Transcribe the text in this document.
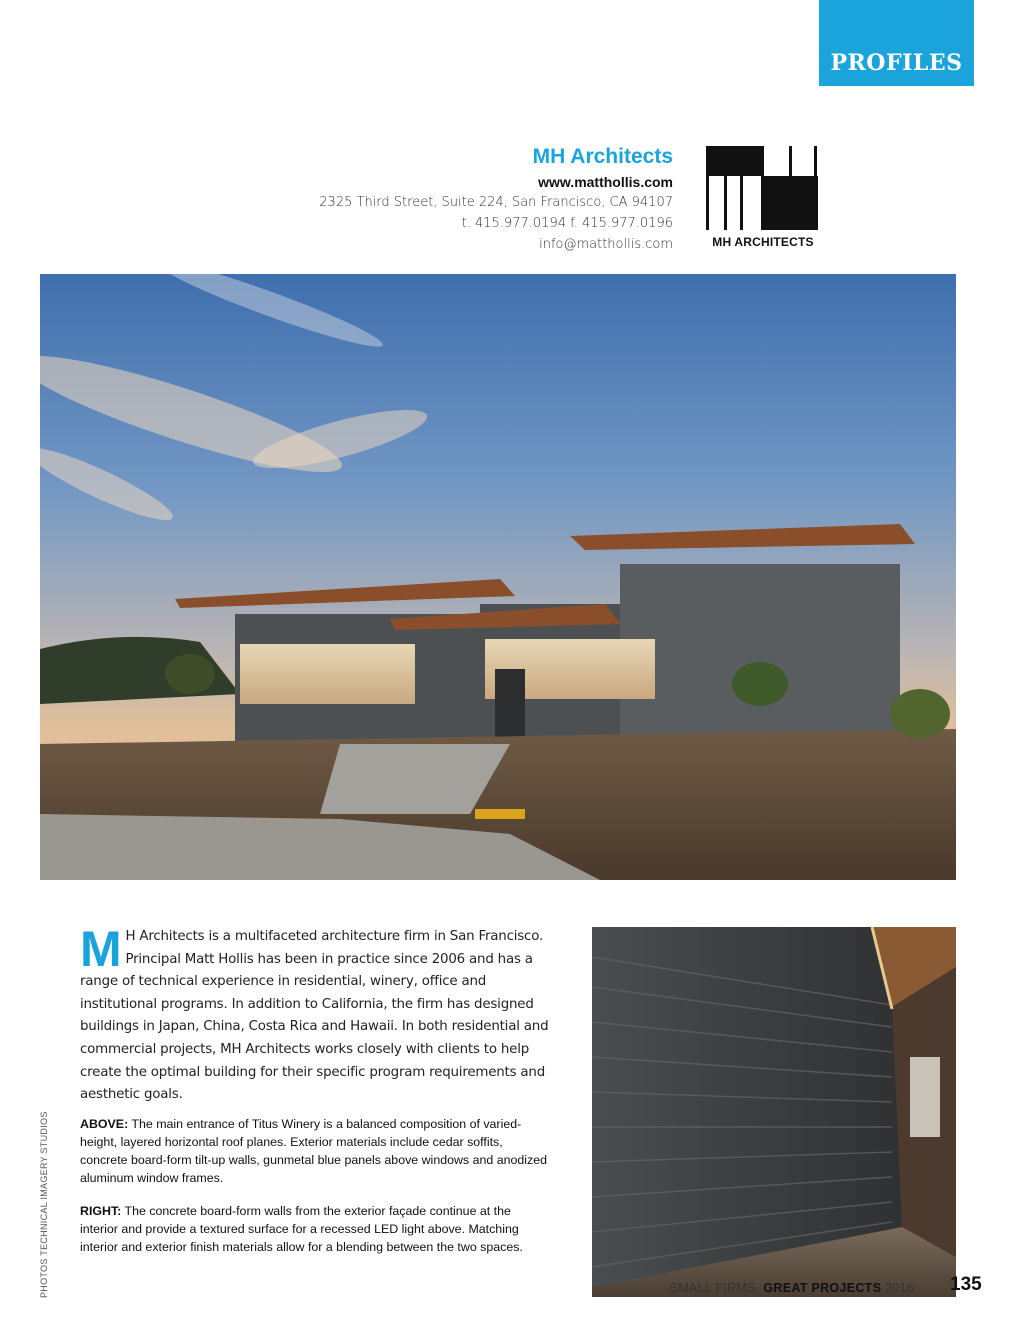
PROFILES
MH Architects
www.matthollis.com
2325 Third Street, Suite 224, San Francisco, CA 94107
t. 415.977.0194 f. 415.977.0196
info@matthollis.com	MH ARCHITECTS
M H Architects is a multifaceted architecture firm in San Francisco. Principal Matt Hollis has been in practice since 2006 and has a range of technical experience in residential, winery, office and institutional programs. In addition to California, the firm has designed buildings in Japan, China, Costa Rica and Hawaii. In both residential and commercial projects, MH Architects works closely with clients to help create the optimal building for their specific program requirements and aesthetic goals.
ABOVE: The main entrance of Titus Winery is a balanced composition of varied-height, layered horizontal roof planes. Exterior materials include cedar soffits, concrete board-form tilt-up walls, gunmetal blue panels above windows and anodized aluminum window frames.
RIGHT: The concrete board-form walls from the exterior façade continue at the interior and provide a textured surface for a recessed LED light above. Matching interior and exterior finish materials allow for a blending between the two spaces.
PHOTOS TECHNICAL IMAGERY STUDIOS	SMALL FIRMS, GREAT PROJECTS 2016 135
